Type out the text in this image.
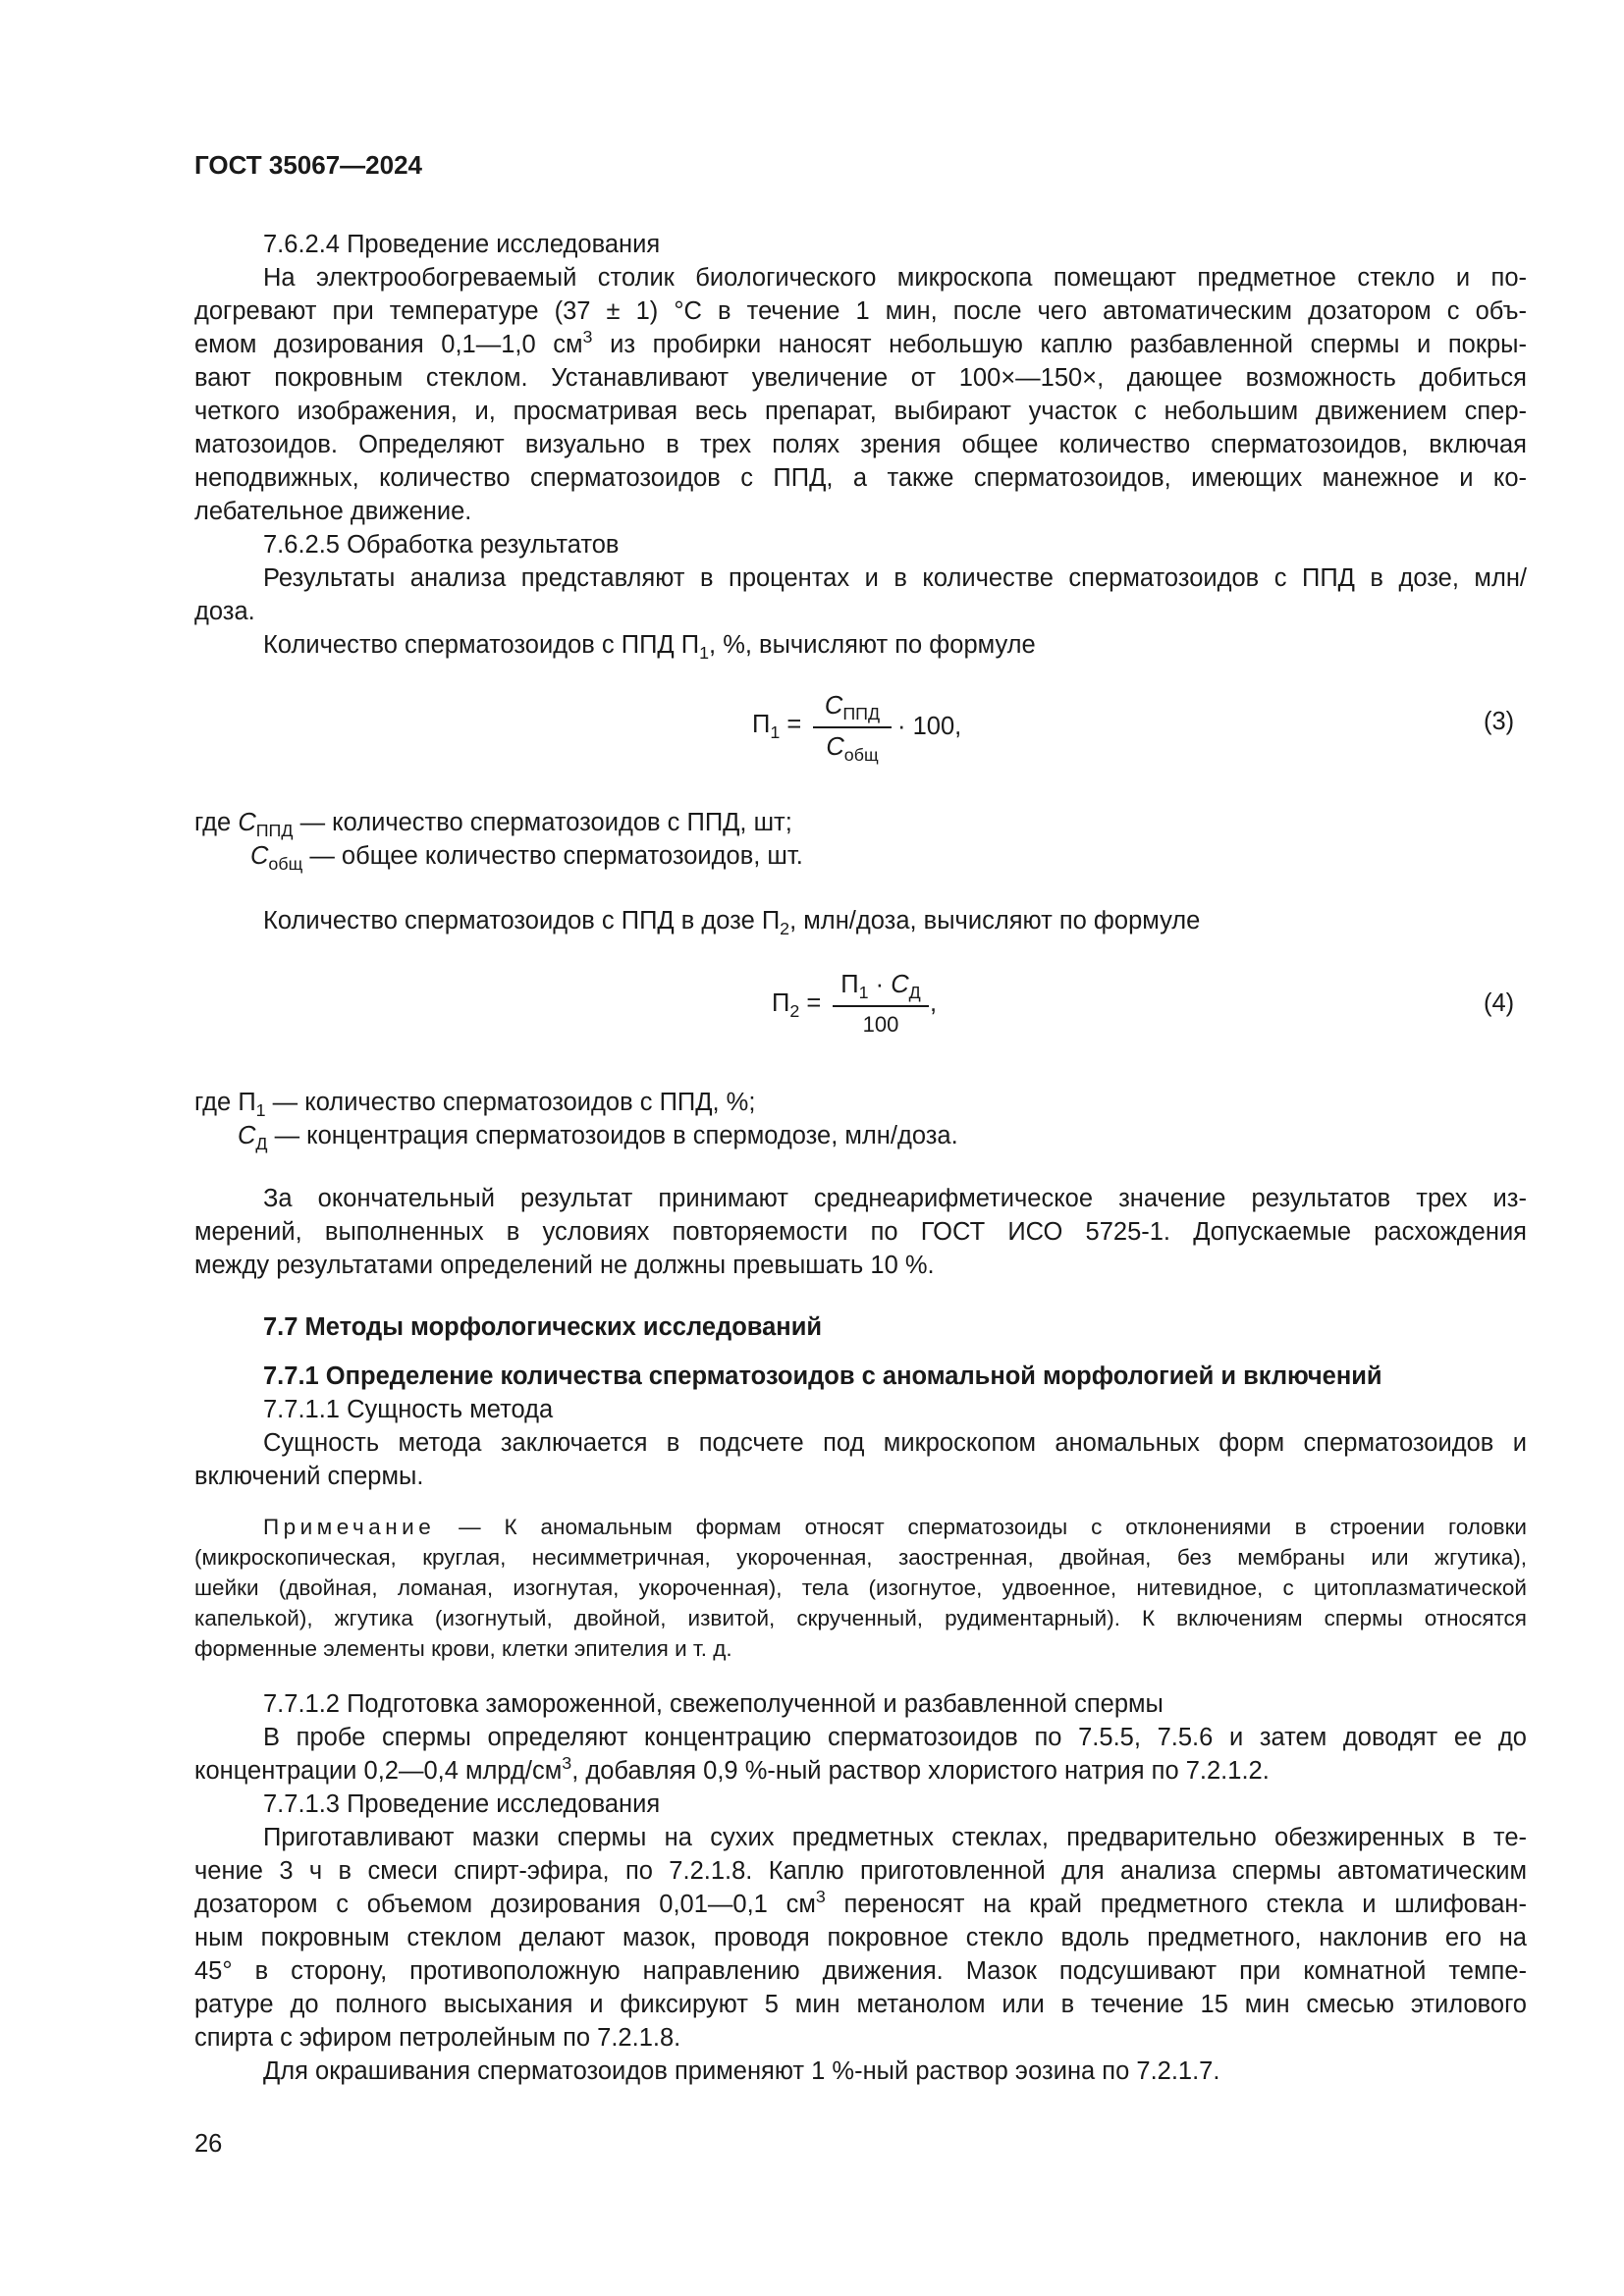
ГОСТ 35067—2024
7.6.2.4 Проведение исследования
На электрообогреваемый столик биологического микроскопа помещают предметное стекло и по-
догревают при температуре (37 ± 1) °С в течение 1 мин, после чего автоматическим дозатором с объ-
емом дозирования 0,1—1,0 $см^3$ из пробирки наносят небольшую каплю разбавленной спермы и покры-
вают покровным стеклом. Устанавливают увеличение от 100×—150×, дающее возможность добиться
четкого изображения, и, просматривая весь препарат, выбирают участок с небольшим движением спер-
матозоидов. Определяют визуально в трех полях зрения общее количество сперматозоидов, включая
неподвижных, количество сперматозоидов с ППД, а также сперматозоидов, имеющих манежное и ко-
лебательное движение.
7.6.2.5 Обработка результатов
Результаты анализа представляют в процентах и в количестве сперматозоидов с ППД в дозе, млн/
доза.
Количество сперматозоидов с ППД $П_1$, %, вычисляют по формуле
$П_1$ =
$C_{ППД}$
$C_{общ}$
· 100,	(3)
где $C_{ППД}$ — количество сперматозоидов с ППД, шт;
$C_{общ}$ — общее количество сперматозоидов, шт.
Количество сперматозоидов с ППД в дозе $П_2$, млн/доза, вычисляют по формуле
$П_2$ =
$П_1 \cdot C_Д$
100
,	(4)
где $П_1$ — количество сперматозоидов с ППД, %;
$C_Д$ — концентрация сперматозоидов в спермодозе, млн/доза.
За окончательный результат принимают среднеарифметическое значение результатов трех из-
мерений, выполненных в условиях повторяемости по ГОСТ ИСО 5725-1. Допускаемые расхождения
между результатами определений не должны превышать 10 %.
7.7 Методы морфологических исследований
7.7.1 Определение количества сперматозоидов с аномальной морфологией и включений
7.7.1.1 Сущность метода
Сущность метода заключается в подсчете под микроскопом аномальных форм сперматозоидов и
включений спермы.
Примечание — К аномальным формам относят сперматозоиды с отклонениями в строении головки
(микроскопическая, круглая, несимметричная, укороченная, заостренная, двойная, без мембраны или жгутика),
шейки (двойная, ломаная, изогнутая, укороченная), тела (изогнутое, удвоенное, нитевидное, с цитоплазматической
капелькой), жгутика (изогнутый, двойной, извитой, скрученный, рудиментарный). К включениям спермы относятся
форменные элементы крови, клетки эпителия и т. д.
7.7.1.2 Подготовка замороженной, свежеполученной и разбавленной спермы
В пробе спермы определяют концентрацию сперматозоидов по 7.5.5, 7.5.6 и затем доводят ее до
концентрации 0,2—0,4 млрд/$см^3$, добавляя 0,9 %-ный раствор хлористого натрия по 7.2.1.2.
7.7.1.3 Проведение исследования
Приготавливают мазки спермы на сухих предметных стеклах, предварительно обезжиренных в те-
чение 3 ч в смеси спирт-эфира, по 7.2.1.8. Каплю приготовленной для анализа спермы автоматическим
дозатором с объемом дозирования 0,01—0,1 $см^3$ переносят на край предметного стекла и шлифован-
ным покровным стеклом делают мазок, проводя покровное стекло вдоль предметного, наклонив его на
45° в сторону, противоположную направлению движения. Мазок подсушивают при комнатной темпе-
ратуре до полного высыхания и фиксируют 5 мин метанолом или в течение 15 мин смесью этилового
спирта с эфиром петролейным по 7.2.1.8.
Для окрашивания сперматозоидов применяют 1 %-ный раствор эозина по 7.2.1.7.
26
